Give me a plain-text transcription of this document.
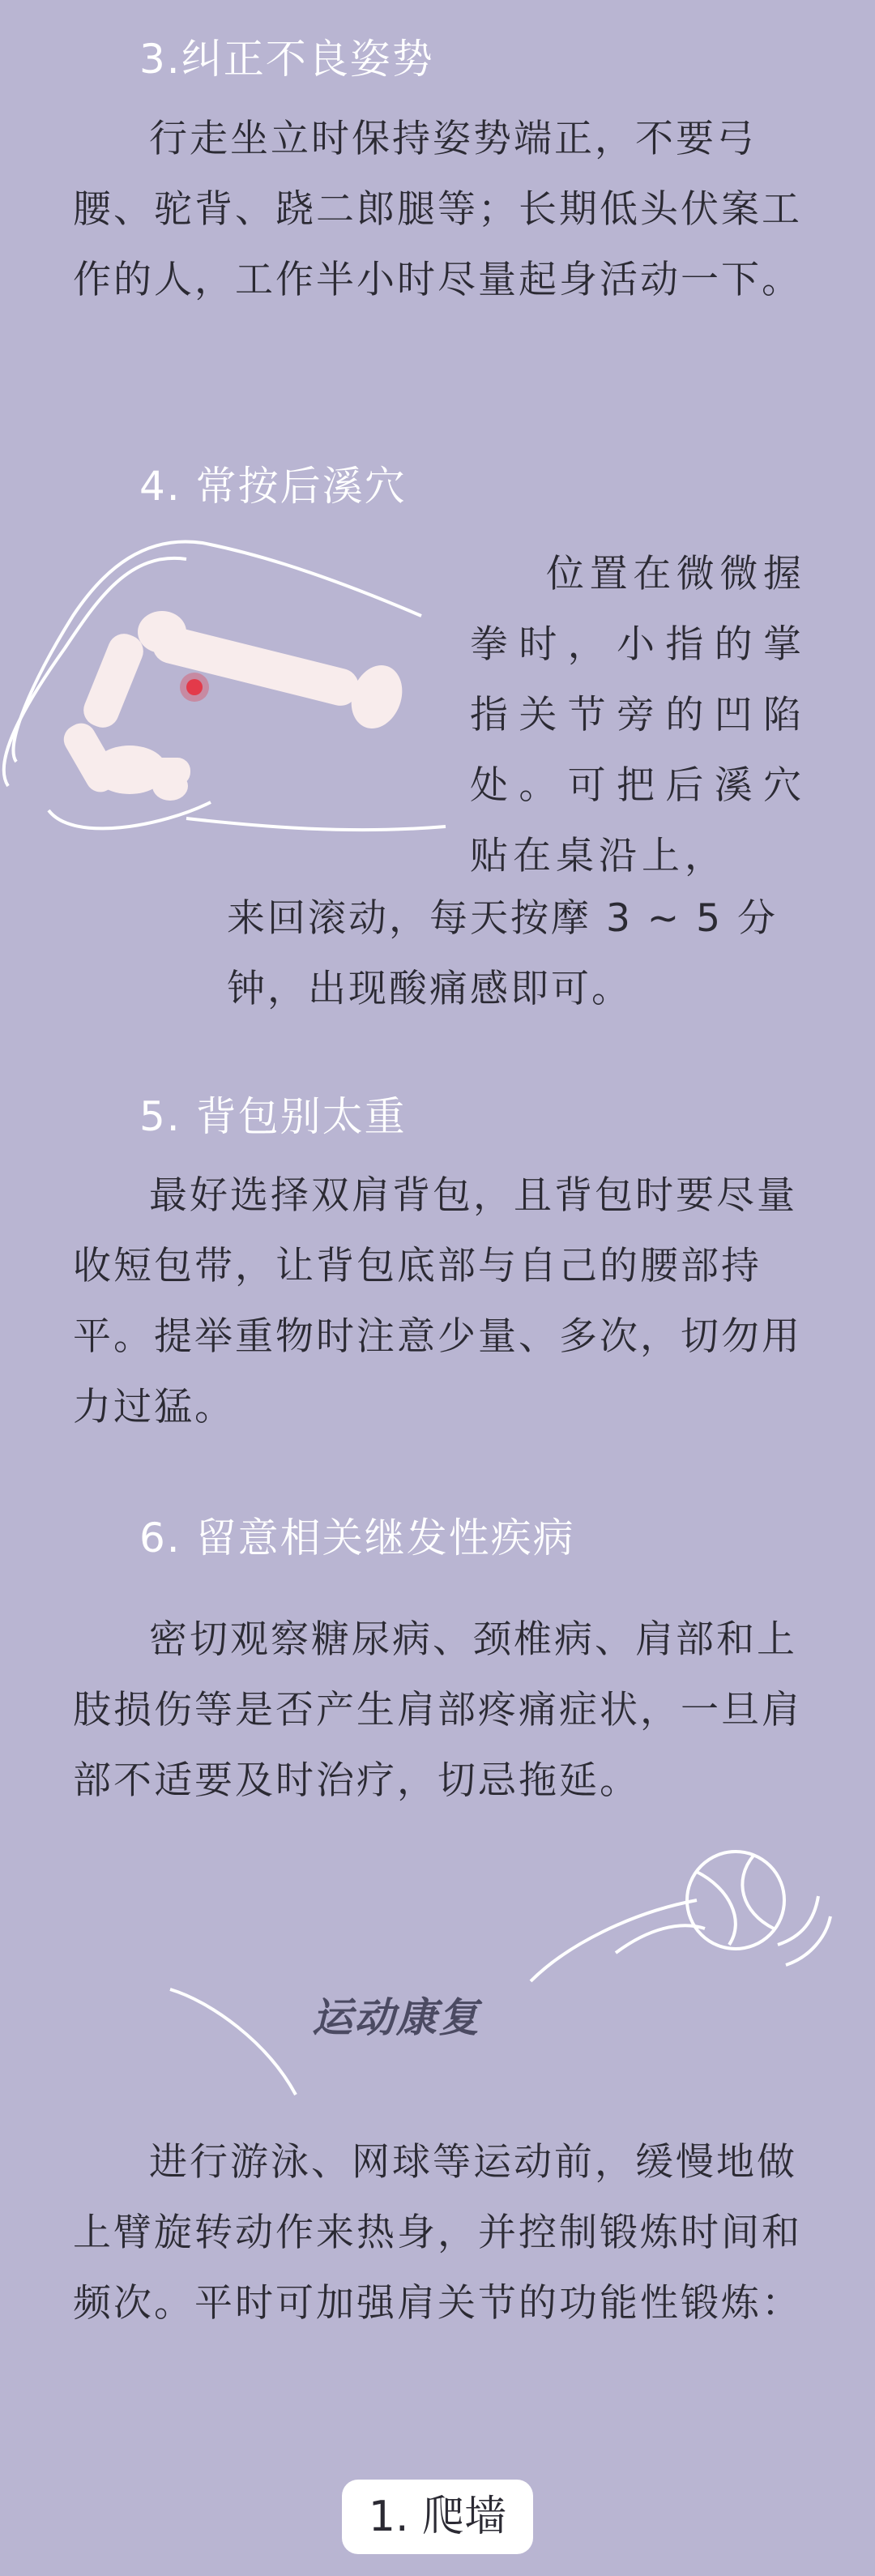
3.纠正不良姿势

行走坐立时保持姿势端正，不要弓腰、驼背、跷二郎腿等；长期低头伏案工作的人，工作半小时尽量起身活动一下。

4. 常按后溪穴
位置在微微握拳时，小指的掌指关节旁的凹陷处。可把后溪穴贴在桌沿上，
来回滚动，每天按摩 3 ~ 5 分钟，出现酸痛感即可。
5. 背包别太重

最好选择双肩背包，且背包时要尽量收短包带，让背包底部与自己的腰部持平。提举重物时注意少量、多次，切勿用力过猛。

6. 留意相关继发性疾病

密切观察糖尿病、颈椎病、肩部和上肢损伤等是否产生肩部疼痛症状，一旦肩部不适要及时治疗，切忌拖延。

运动康复

进行游泳、网球等运动前，缓慢地做上臂旋转动作来热身，并控制锻炼时间和频次。平时可加强肩关节的功能性锻炼：

1. 爬墙
